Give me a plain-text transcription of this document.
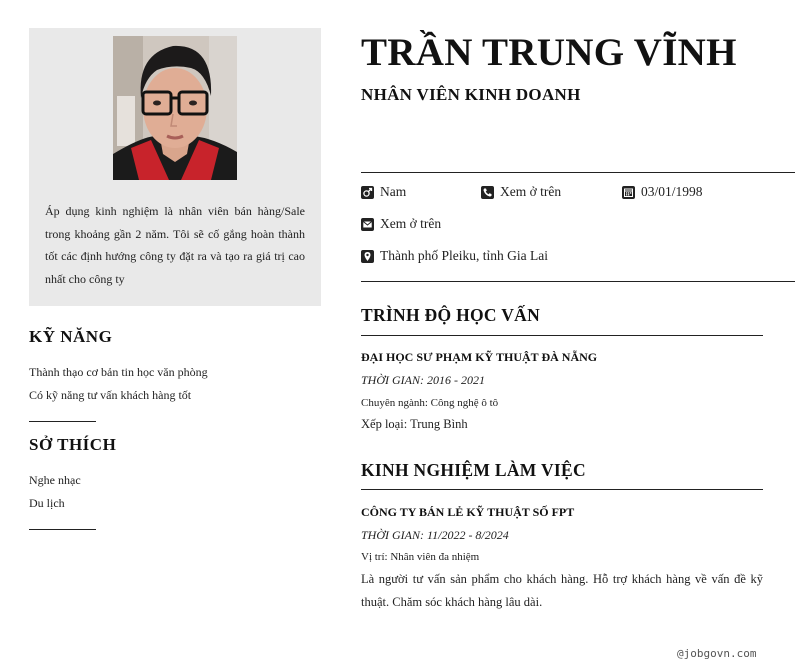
Áp dụng kinh nghiệm là nhân viên bán hàng/Sale trong khoảng gần 2 năm. Tôi sẽ cố gắng hoàn thành tốt các định hướng công ty đặt ra và tạo ra giá trị cao nhất cho công ty
KỸ NĂNG
Thành thạo cơ bản tin học văn phòng
Có kỹ năng tư vấn khách hàng tốt
SỞ THÍCH
Nghe nhạc
Du lịch
TRẦN TRUNG VĨNH
NHÂN VIÊN KINH DOANH
Nam	Xem ở trên	03/01/1998
Xem ở trên
Thành phố Pleiku, tỉnh Gia Lai
TRÌNH ĐỘ HỌC VẤN
ĐẠI HỌC SƯ PHẠM KỸ THUẬT ĐÀ NẴNG
THỜI GIAN: 2016 - 2021
Chuyên ngành: Công nghệ ô tô
Xếp loại: Trung Bình
KINH NGHIỆM LÀM VIỆC
CÔNG TY BÁN LẺ KỸ THUẬT SỐ FPT
THỜI GIAN: 11/2022 - 8/2024
Vị trí: Nhân viên đa nhiệm
Là người tư vấn sản phẩm cho khách hàng. Hỗ trợ khách hàng về vấn đề kỹ thuật. Chăm sóc khách hàng lâu dài.
@jobgovn.com
